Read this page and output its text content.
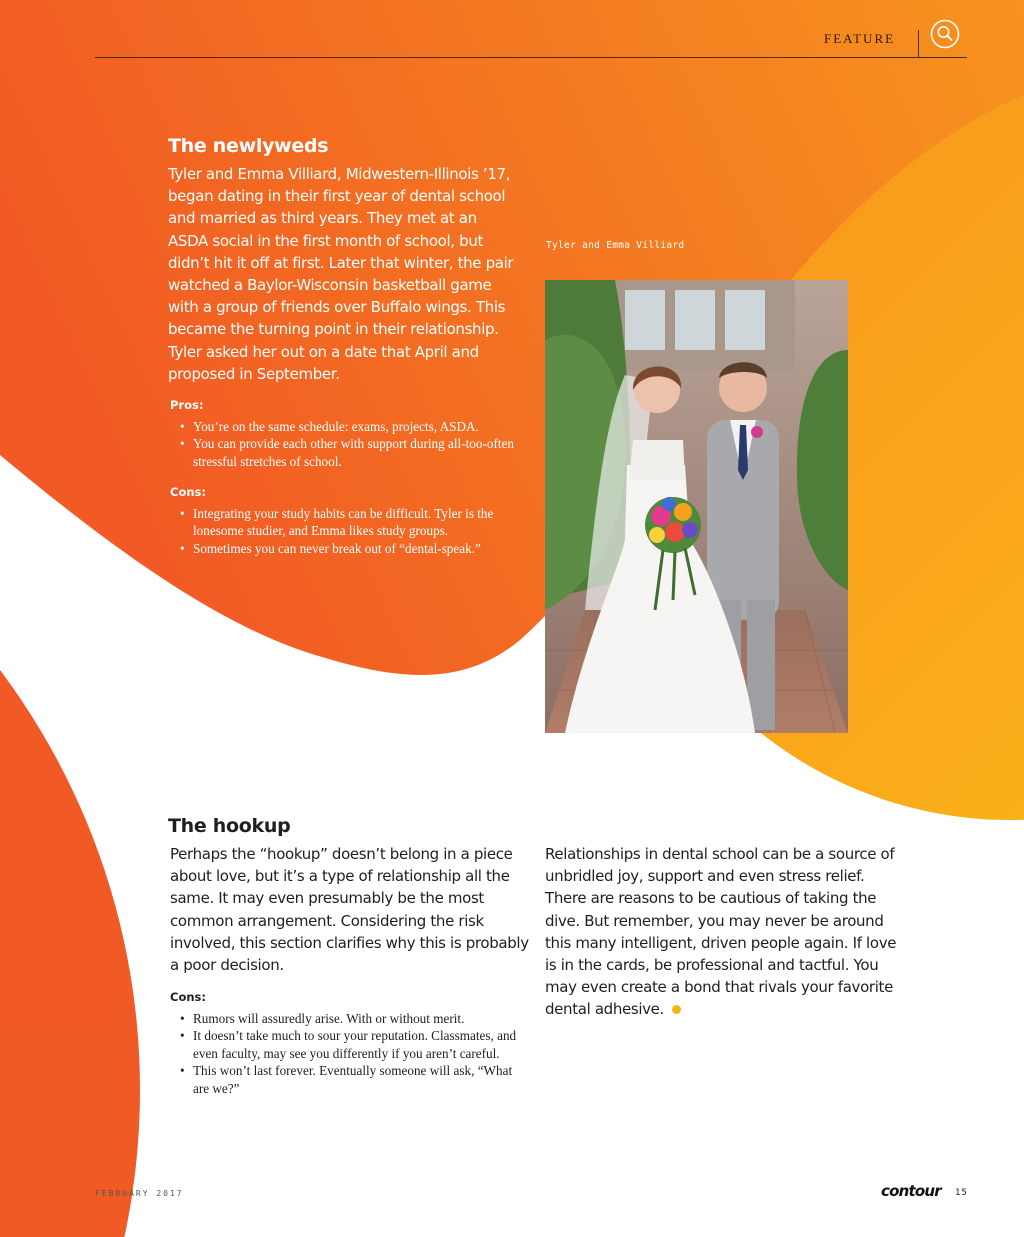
FEATURE
The newlyweds
Tyler and Emma Villiard, Midwestern-Illinois ’17, began dating in their first year of dental school and married as third years. They met at an ASDA social in the first month of school, but didn’t hit it off at first. Later that winter, the pair watched a Baylor-Wisconsin basketball game with a group of friends over Buffalo wings. This became the turning point in their relationship. Tyler asked her out on a date that April and proposed in September.
Pros:
• You’re on the same schedule: exams, projects, ASDA.
• You can provide each other with support during all-too-often stressful stretches of school.
Cons:
• Integrating your study habits can be difficult. Tyler is the lonesome studier, and Emma likes study groups.
• Sometimes you can never break out of “dental-speak.”
Tyler and Emma Villiard
The hookup
Perhaps the “hookup” doesn’t belong in a piece about love, but it’s a type of relationship all the same. It may even presumably be the most common arrangement. Considering the risk involved, this section clarifies why this is probably a poor decision.
Cons:
• Rumors will assuredly arise. With or without merit.
• It doesn’t take much to sour your reputation. Classmates, and even faculty, may see you differently if you aren’t careful.
• This won’t last forever. Eventually someone will ask, “What are we?”
Relationships in dental school can be a source of unbridled joy, support and even stress relief. There are reasons to be cautious of taking the dive. But remember, you may never be around this many intelligent, driven people again. If love is in the cards, be professional and tactful. You may even create a bond that rivals your favorite dental adhesive.
FEBRUARY 2017	contour 15
